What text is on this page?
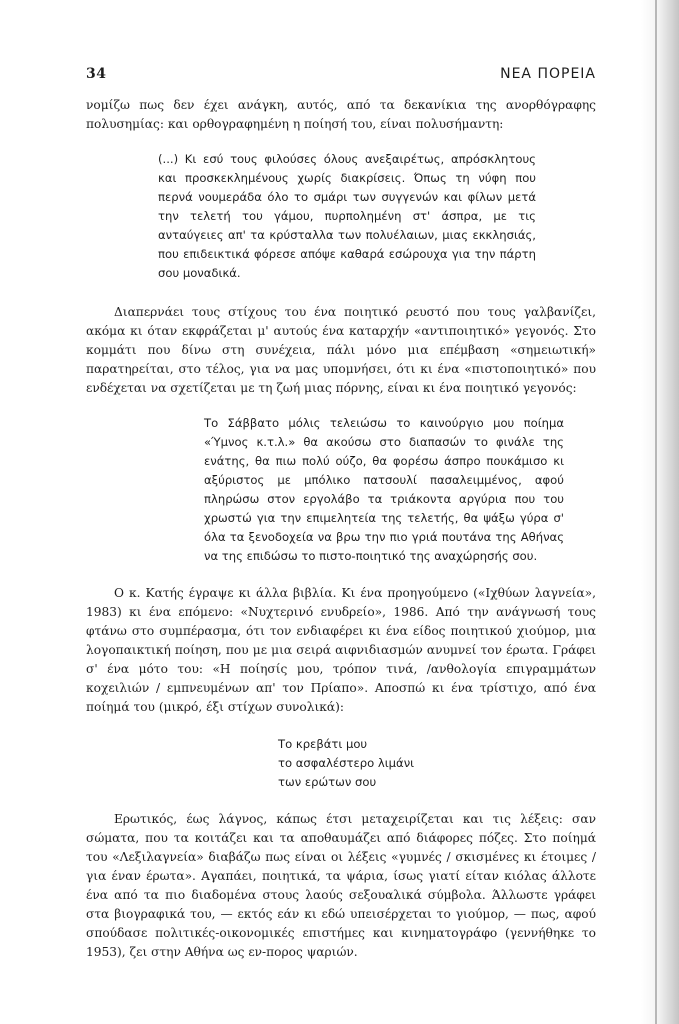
34	ΝΕΑ ΠΟΡΕΙΑ

νομίζω πως δεν έχει ανάγκη, αυτός, από τα δεκανίκια της ανορθόγραφης πολυσημίας: και ορθογραφημένη η ποίησή του, είναι πολυσήμαντη:

(...) Κι εσύ τους φιλούσες όλους ανεξαιρέτως, απρόσκλητους και προσκεκλημένους χωρίς διακρίσεις. Όπως τη νύφη που περνά νουμεράδα όλο το σμάρι των συγγενών και φίλων μετά την τελετή του γάμου, πυρπολημένη στ' άσπρα, με τις ανταύγειες απ' τα κρύσταλλα των πολυέλαιων, μιας εκκλησιάς, που επιδεικτικά φόρεσε απόψε καθαρά εσώρουχα για την πάρτη σου μοναδικά.

Διαπερνάει τους στίχους του ένα ποιητικό ρευστό που τους γαλβανίζει, ακόμα κι όταν εκφράζεται μ' αυτούς ένα καταρχήν «αντιποιητικό» γεγονός. Στο κομμάτι που δίνω στη συνέχεια, πάλι μόνο μια επέμβαση «σημειωτική» παρατηρείται, στο τέλος, για να μας υπομνήσει, ότι κι ένα «πιστοποιητικό» που ενδέχεται να σχετίζεται με τη ζωή μιας πόρνης, είναι κι ένα ποιητικό γεγονός:

Το Σάββατο μόλις τελειώσω το καινούργιο μου ποίημα «Ύμνος κ.τ.λ.» θα ακούσω στο διαπασών το φινάλε της ενάτης, θα πιω πολύ ούζο, θα φορέσω άσπρο πουκάμισο κι αξύριστος με μπόλικο πατσουλί πασαλειμμένος, αφού πληρώσω στον εργολάβο τα τριάκοντα αργύρια που του χρωστώ για την επιμελητεία της τελετής, θα ψάξω γύρα σ' όλα τα ξενοδοχεία να βρω την πιο γριά πουτάνα της Αθήνας να της επιδώσω το πιστο-ποιητικό της αναχώρησής σου.

Ο κ. Κατής έγραψε κι άλλα βιβλία. Κι ένα προηγούμενο («Ιχθύων λαγνεία», 1983) κι ένα επόμενο: «Νυχτερινό ενυδρείο», 1986. Από την ανάγνωσή τους φτάνω στο συμπέρασμα, ότι τον ενδιαφέρει κι ένα είδος ποιητικού χιούμορ, μια λογοπαικτική ποίηση, που με μια σειρά αιφνιδιασμών ανυμνεί τον έρωτα. Γράφει σ' ένα μότο του: «Η ποίησίς μου, τρόπον τινά, /ανθολογία επιγραμμάτων κοχειλιών / εμπνευμένων απ' τον Πρίαπο». Αποσπώ κι ένα τρίστιχο, από ένα ποίημά του (μικρό, έξι στίχων συνολικά):

Το κρεβάτι μου
το ασφαλέστερο λιμάνι
των ερώτων σου

Ερωτικός, έως λάγνος, κάπως έτσι μεταχειρίζεται και τις λέξεις: σαν σώματα, που τα κοιτάζει και τα αποθαυμάζει από διάφορες πόζες. Στο ποίημά του «Λεξιλαγνεία» διαβάζω πως είναι οι λέξεις «γυμνές / σκισμένες κι έτοιμες / για έναν έρωτα». Αγαπάει, ποιητικά, τα ψάρια, ίσως γιατί είταν κιόλας άλλοτε ένα από τα πιο διαδομένα στους λαούς σεξουαλικά σύμβολα. Άλλωστε γράφει στα βιογραφικά του, — εκτός εάν κι εδώ υπεισέρχεται το γιούμορ, — πως, αφού σπούδασε πολιτικές-οικονομικές επιστήμες και κινηματογράφο (γεννήθηκε το 1953), ζει στην Αθήνα ως εν-πορος ψαριών.
